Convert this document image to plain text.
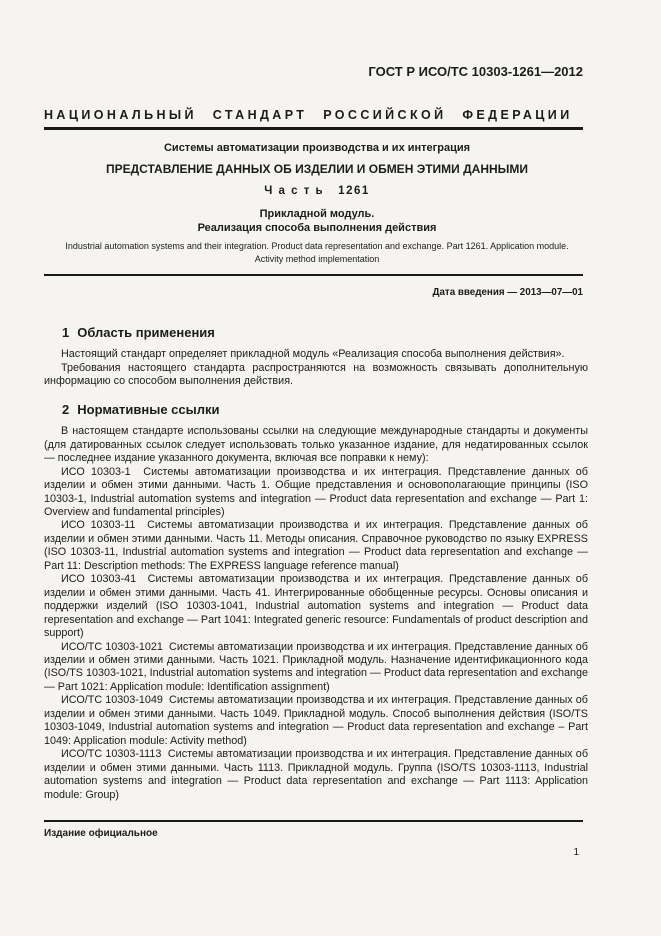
ГОСТ Р ИСО/ТС 10303-1261—2012
НАЦИОНАЛЬНЫЙ СТАНДАРТ РОССИЙСКОЙ ФЕДЕРАЦИИ
Системы автоматизации производства и их интеграция
ПРЕДСТАВЛЕНИЕ ДАННЫХ ОБ ИЗДЕЛИИ И ОБМЕН ЭТИМИ ДАННЫМИ
Ч а с т ь   1261
Прикладной модуль.
Реализация способа выполнения действия
Industrial automation systems and their integration. Product data representation and exchange. Part 1261. Application module. Activity method implementation
Дата введения — 2013—07—01
1 Область применения

Настоящий стандарт определяет прикладной модуль «Реализация способа выполнения действия».

Требования настоящего стандарта распространяются на возможность связывать дополнительную информацию со способом выполнения действия.

2 Нормативные ссылки

В настоящем стандарте использованы ссылки на следующие международные стандарты и документы (для датированных ссылок следует использовать только указанное издание, для недатированных ссылок — последнее издание указанного документа, включая все поправки к нему):

ИСО 10303-1  Системы автоматизации производства и их интеграция. Представление данных об изделии и обмен этими данными. Часть 1. Общие представления и основополагающие принципы (ISO 10303-1, Industrial automation systems and integration — Product data representation and exchange — Part 1: Overview and fundamental principles)

ИСО 10303-11  Системы автоматизации производства и их интеграция. Представление данных об изделии и обмен этими данными. Часть 11. Методы описания. Справочное руководство по языку EXPRESS (ISO 10303-11, Industrial automation systems and integration — Product data representation and exchange — Part 11: Description methods: The EXPRESS language reference manual)

ИСО 10303-41  Системы автоматизации производства и их интеграция. Представление данных об изделии и обмен этими данными. Часть 41. Интегрированные обобщенные ресурсы. Основы описания и поддержки изделий (ISO 10303-1041, Industrial automation systems and integration — Product data representation and exchange — Part 1041: Integrated generic resource: Fundamentals of product description and support)

ИСО/ТС 10303-1021  Системы автоматизации производства и их интеграция. Представление данных об изделии и обмен этими данными. Часть 1021. Прикладной модуль. Назначение идентификационного кода (ISO/TS 10303-1021, Industrial automation systems and integration — Product data representation and exchange — Part 1021: Application module: Identification assignment)

ИСО/ТС 10303-1049  Системы автоматизации производства и их интеграция. Представление данных об изделии и обмен этими данными. Часть 1049. Прикладной модуль. Способ выполнения действия (ISO/TS 10303-1049, Industrial automation systems and integration — Product data representation and exchange – Part 1049: Application module: Activity method)

ИСО/ТС 10303-1113  Системы автоматизации производства и их интеграция. Представление данных об изделии и обмен этими данными. Часть 1113. Прикладной модуль. Группа (ISO/TS 10303-1113, Industrial automation systems and integration — Product data representation and exchange — Part 1113: Application module: Group)

Издание официальное
1
